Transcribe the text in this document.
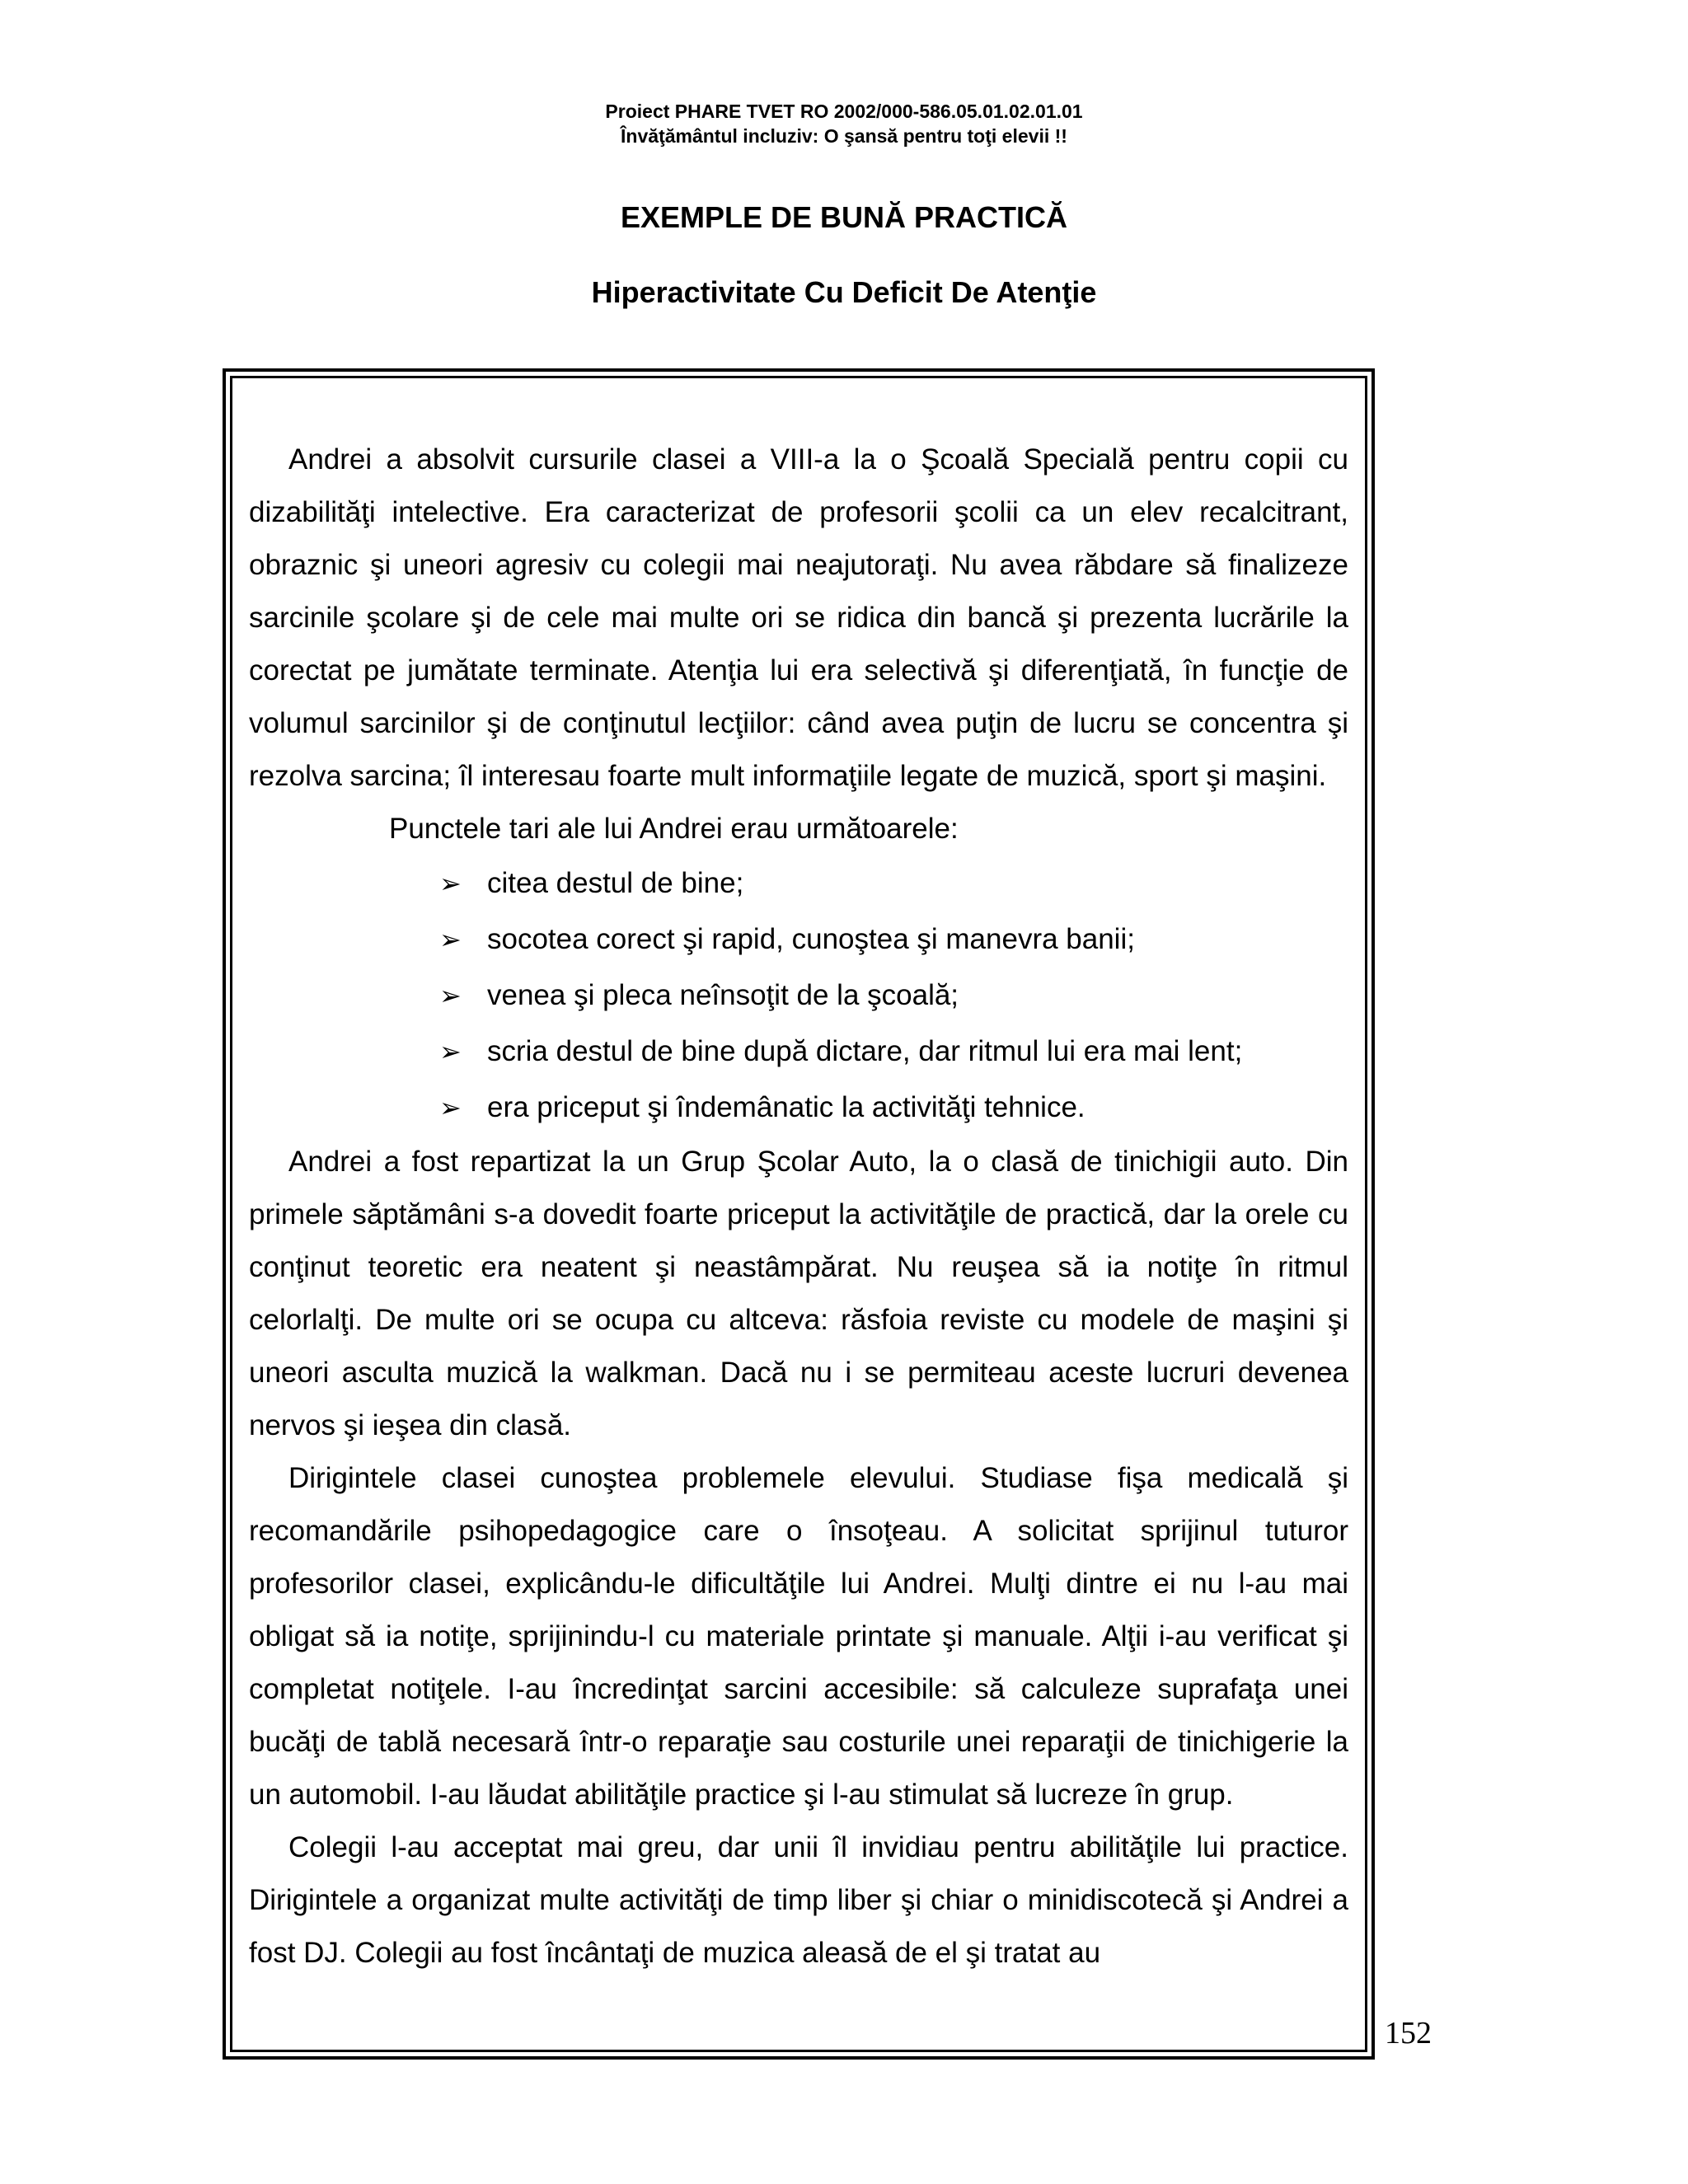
Proiect PHARE TVET RO 2002/000-586.05.01.02.01.01
Învăţământul incluziv: O şansă pentru toţi elevii !!
EXEMPLE DE BUNĂ PRACTICĂ
Hiperactivitate Cu Deficit De Atenţie

Andrei a absolvit cursurile clasei a VIII-a la o Şcoală Specială pentru copii cu dizabilităţi intelective. Era caracterizat de profesorii şcolii ca un elev recalcitrant, obraznic şi uneori agresiv cu colegii mai neajutoraţi. Nu avea răbdare să finalizeze sarcinile şcolare şi de cele mai multe ori se ridica din bancă şi prezenta lucrările la corectat pe jumătate terminate. Atenţia lui era selectivă şi diferenţiată, în funcţie de volumul sarcinilor şi de conţinutul lecţiilor: când avea puţin de lucru se concentra şi rezolva sarcina; îl interesau foarte mult informaţiile legate de muzică, sport şi maşini.

Punctele tari ale lui Andrei erau următoarele:

➢ citea destul de bine;
➢ socotea corect şi rapid, cunoştea şi manevra banii;
➢ venea şi pleca neînsoţit de la şcoală;
➢ scria destul de bine după dictare, dar ritmul lui era mai lent;
➢ era priceput şi îndemânatic la activităţi tehnice.

Andrei a fost repartizat la un Grup Şcolar Auto, la o clasă de tinichigii auto. Din primele săptămâni s-a dovedit foarte priceput la activităţile de practică, dar la orele cu conţinut teoretic era neatent şi neastâmpărat. Nu reuşea să ia notiţe în ritmul celorlalţi. De multe ori se ocupa cu altceva: răsfoia reviste cu modele de maşini şi uneori asculta muzică la walkman. Dacă nu i se permiteau aceste lucruri devenea nervos şi ieşea din clasă.

Dirigintele clasei cunoştea problemele elevului. Studiase fişa medicală şi recomandările psihopedagogice care o însoţeau. A solicitat sprijinul tuturor profesorilor clasei, explicându-le dificultăţile lui Andrei. Mulţi dintre ei nu l-au mai obligat să ia notiţe, sprijinindu-l cu materiale printate şi manuale. Alţii i-au verificat şi completat notiţele. I-au încredinţat sarcini accesibile: să calculeze suprafaţa unei bucăţi de tablă necesară într-o reparaţie sau costurile unei reparaţii de tinichigerie la un automobil. I-au lăudat abilităţile practice şi l-au stimulat să lucreze în grup.

Colegii l-au acceptat mai greu, dar unii îl invidiau pentru abilităţile lui practice. Dirigintele a organizat multe activităţi de timp liber şi chiar o minidiscotecă şi Andrei a fost DJ. Colegii au fost încântaţi de muzica aleasă de el şi tratat au

152
